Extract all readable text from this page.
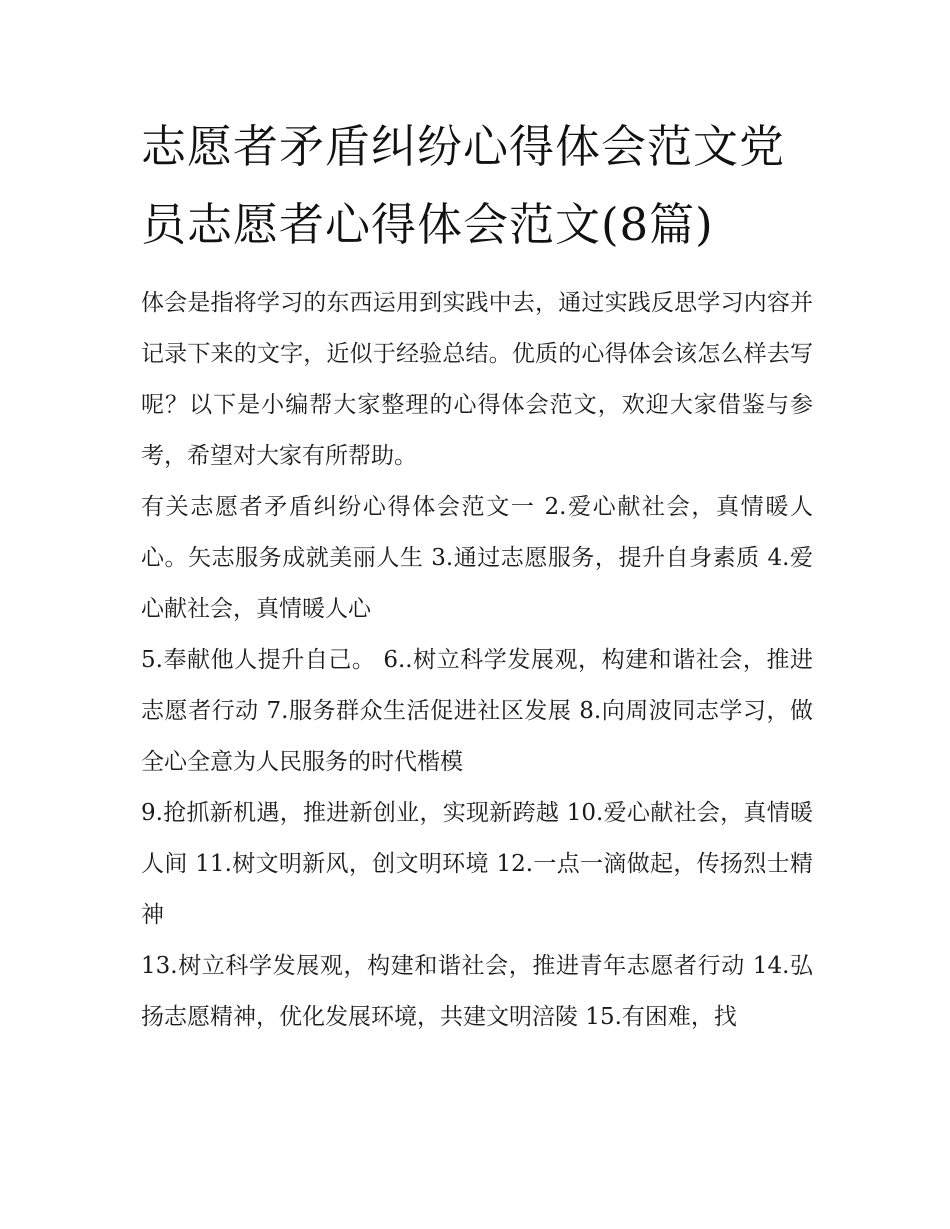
志愿者矛盾纠纷心得体会范文党员志愿者心得体会范文(8篇)

体会是指将学习的东西运用到实践中去，通过实践反思学习内容并记录下来的文字，近似于经验总结。优质的心得体会该怎么样去写呢？以下是小编帮大家整理的心得体会范文，欢迎大家借鉴与参考，希望对大家有所帮助。

有关志愿者矛盾纠纷心得体会范文一 2.爱心献社会，真情暖人心。矢志服务成就美丽人生 3.通过志愿服务，提升自身素质 4.爱心献社会，真情暖人心

5.奉献他人提升自己。 6..树立科学发展观，构建和谐社会，推进志愿者行动 7.服务群众生活促进社区发展 8.向周波同志学习，做全心全意为人民服务的时代楷模

9.抢抓新机遇，推进新创业，实现新跨越 10.爱心献社会，真情暖人间 11.树文明新风，创文明环境 12.一点一滴做起，传扬烈士精神

13.树立科学发展观，构建和谐社会，推进青年志愿者行动 14.弘扬志愿精神，优化发展环境，共建文明涪陵 15.有困难，找
